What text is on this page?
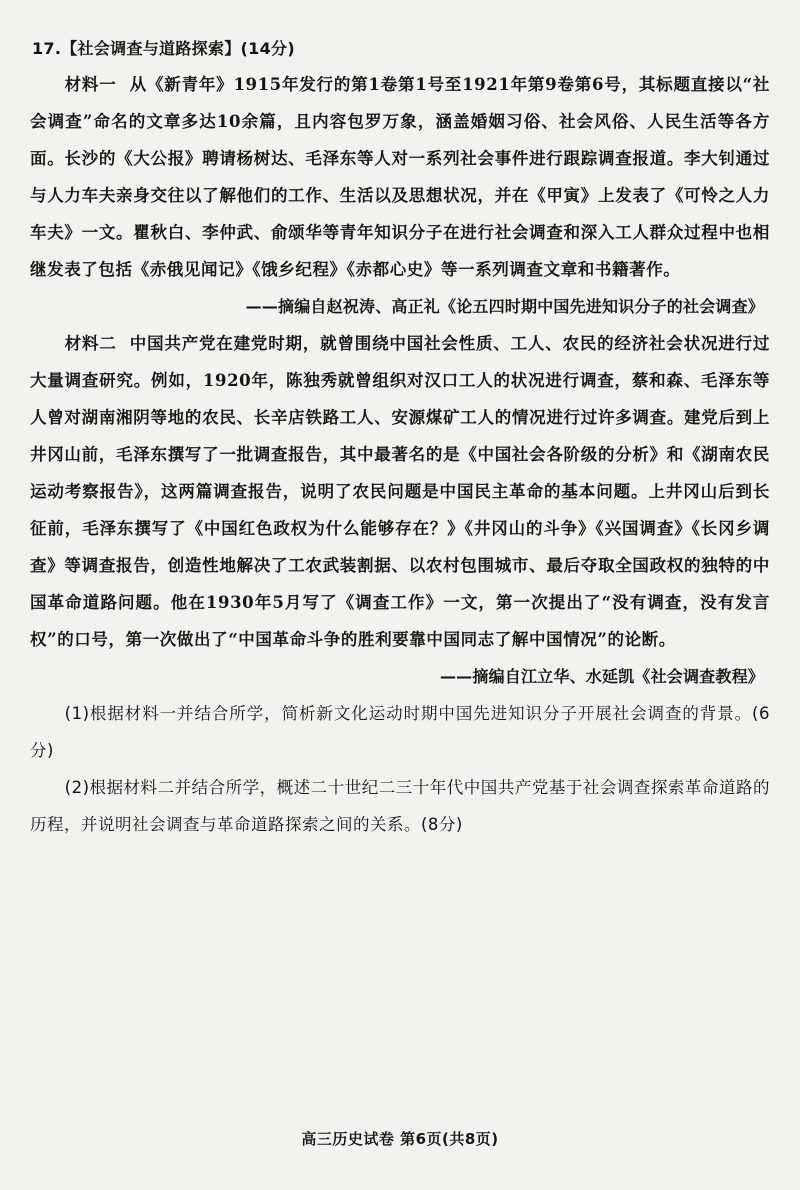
17.【社会调查与道路探索】(14分)

材料一 从《新青年》1915年发行的第1卷第1号至1921年第9卷第6号，其标题直接以“社会调查”命名的文章多达10余篇，且内容包罗万象，涵盖婚姻习俗、社会风俗、人民生活等各方面。长沙的《大公报》聘请杨树达、毛泽东等人对一系列社会事件进行跟踪调查报道。李大钊通过与人力车夫亲身交往以了解他们的工作、生活以及思想状况，并在《甲寅》上发表了《可怜之人力车夫》一文。瞿秋白、李仲武、俞颂华等青年知识分子在进行社会调查和深入工人群众过程中也相继发表了包括《赤俄见闻记》《饿乡纪程》《赤都心史》等一系列调查文章和书籍著作。

——摘编自赵祝涛、高正礼《论五四时期中国先进知识分子的社会调查》

材料二 中国共产党在建党时期，就曾围绕中国社会性质、工人、农民的经济社会状况进行过大量调查研究。例如，1920年，陈独秀就曾组织对汉口工人的状况进行调查，蔡和森、毛泽东等人曾对湖南湘阴等地的农民、长辛店铁路工人、安源煤矿工人的情况进行过许多调查。建党后到上井冈山前，毛泽东撰写了一批调查报告，其中最著名的是《中国社会各阶级的分析》和《湖南农民运动考察报告》，这两篇调查报告，说明了农民问题是中国民主革命的基本问题。上井冈山后到长征前，毛泽东撰写了《中国红色政权为什么能够存在？》《井冈山的斗争》《兴国调查》《长冈乡调查》等调查报告，创造性地解决了工农武装割据、以农村包围城市、最后夺取全国政权的独特的中国革命道路问题。他在1930年5月写了《调查工作》一文，第一次提出了“没有调查，没有发言权”的口号，第一次做出了“中国革命斗争的胜利要靠中国同志了解中国情况”的论断。

——摘编自江立华、水延凯《社会调查教程》

(1)根据材料一并结合所学，简析新文化运动时期中国先进知识分子开展社会调查的背景。(6分)

(2)根据材料二并结合所学，概述二十世纪二三十年代中国共产党基于社会调查探索革命道路的历程，并说明社会调查与革命道路探索之间的关系。(8分)

高三历史试卷 第6页(共8页)
